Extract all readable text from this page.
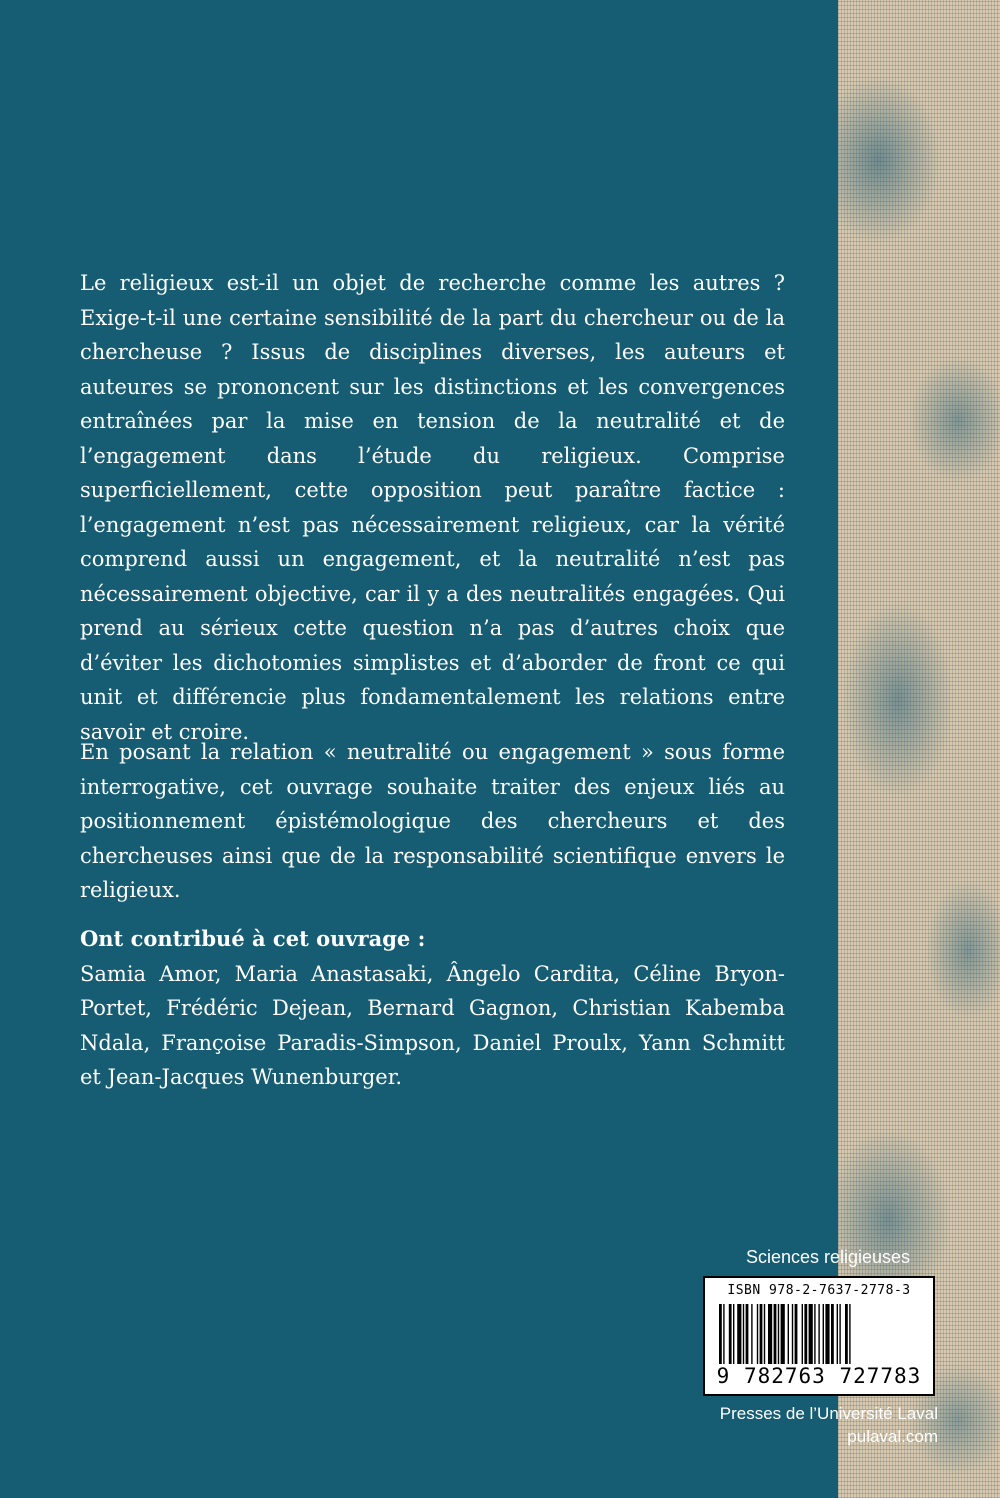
Le religieux est-il un objet de recherche comme les autres ? Exige-t-il une certaine sensibilité de la part du chercheur ou de la chercheuse ? Issus de disciplines diverses, les auteurs et auteures se prononcent sur les distinctions et les convergences entraînées par la mise en tension de la neutralité et de l’engagement dans l’étude du religieux. Comprise superficiellement, cette opposition peut paraître factice : l’engagement n’est pas nécessairement religieux, car la vérité comprend aussi un engagement, et la neutralité n’est pas nécessairement objective, car il y a des neutralités engagées. Qui prend au sérieux cette question n’a pas d’autres choix que d’éviter les dichotomies simplistes et d’aborder de front ce qui unit et différencie plus fondamentalement les relations entre savoir et croire.

En posant la relation « neutralité ou engagement » sous forme interrogative, cet ouvrage souhaite traiter des enjeux liés au positionnement épistémologique des chercheurs et des chercheuses ainsi que de la responsabilité scientifique envers le religieux.

Ont contribué à cet ouvrage :

Samia Amor, Maria Anastasaki, Ângelo Cardita, Céline Bryon-Portet, Frédéric Dejean, Bernard Gagnon, Christian Kabemba Ndala, Françoise Paradis-Simpson, Daniel Proulx, Yann Schmitt et Jean-Jacques Wunenburger.

Sciences religieuses
ISBN 978-2-7637-2778-3
9 782763 727783
Presses de l’Université Laval
pulaval.com
